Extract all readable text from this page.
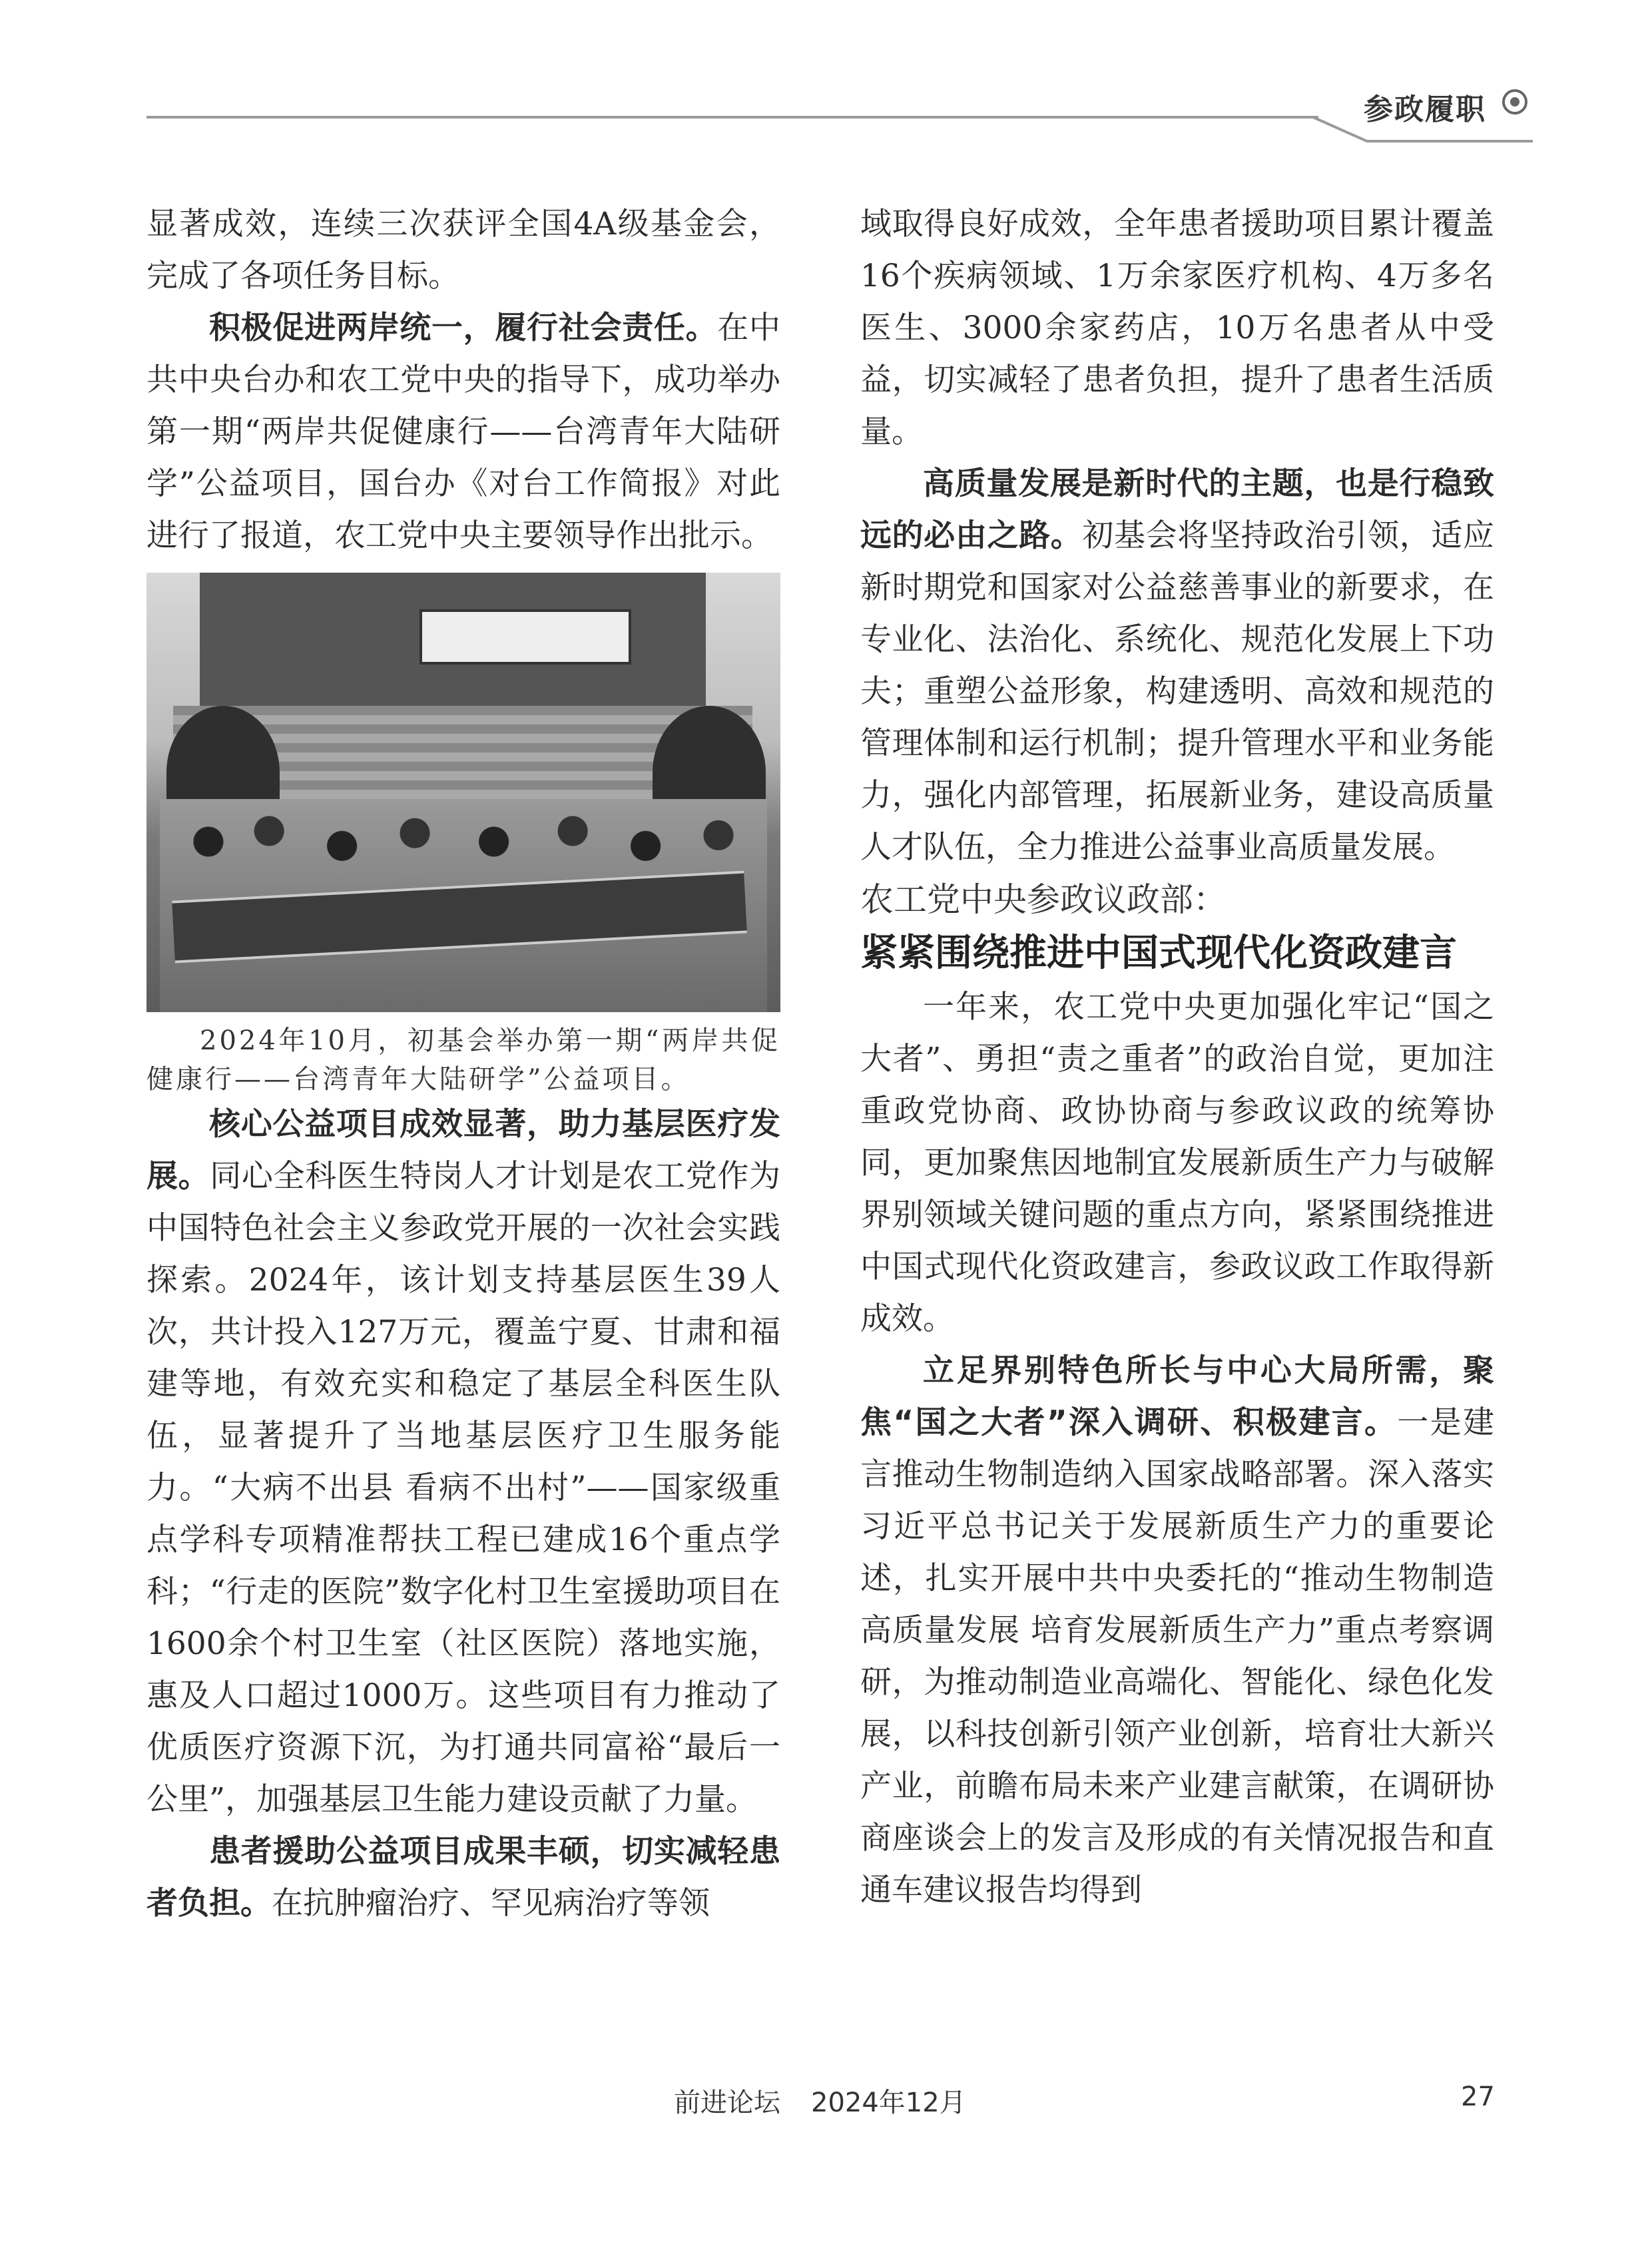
参政履职

显著成效，连续三次获评全国4A级基金会，完成了各项任务目标。

积极促进两岸统一，履行社会责任。在中共中央台办和农工党中央的指导下，成功举办第一期“两岸共促健康行——台湾青年大陆研学”公益项目，国台办《对台工作简报》对此进行了报道，农工党中央主要领导作出批示。

2024年10月，初基会举办第一期“两岸共促健康行——台湾青年大陆研学”公益项目。

核心公益项目成效显著，助力基层医疗发展。同心全科医生特岗人才计划是农工党作为中国特色社会主义参政党开展的一次社会实践探索。2024年，该计划支持基层医生39人次，共计投入127万元，覆盖宁夏、甘肃和福建等地，有效充实和稳定了基层全科医生队伍，显著提升了当地基层医疗卫生服务能力。“大病不出县 看病不出村”——国家级重点学科专项精准帮扶工程已建成16个重点学科；“行走的医院”数字化村卫生室援助项目在1600余个村卫生室（社区医院）落地实施，惠及人口超过1000万。这些项目有力推动了优质医疗资源下沉，为打通共同富裕“最后一公里”，加强基层卫生能力建设贡献了力量。

患者援助公益项目成果丰硕，切实减轻患者负担。在抗肿瘤治疗、罕见病治疗等领

域取得良好成效，全年患者援助项目累计覆盖16个疾病领域、1万余家医疗机构、4万多名医生、3000余家药店，10万名患者从中受益，切实减轻了患者负担，提升了患者生活质量。

高质量发展是新时代的主题，也是行稳致远的必由之路。初基会将坚持政治引领，适应新时期党和国家对公益慈善事业的新要求，在专业化、法治化、系统化、规范化发展上下功夫；重塑公益形象，构建透明、高效和规范的管理体制和运行机制；提升管理水平和业务能力，强化内部管理，拓展新业务，建设高质量人才队伍，全力推进公益事业高质量发展。

农工党中央参政议政部：

紧紧围绕推进中国式现代化资政建言

一年来，农工党中央更加强化牢记“国之大者”、勇担“责之重者”的政治自觉，更加注重政党协商、政协协商与参政议政的统筹协同，更加聚焦因地制宜发展新质生产力与破解界别领域关键问题的重点方向，紧紧围绕推进中国式现代化资政建言，参政议政工作取得新成效。

立足界别特色所长与中心大局所需，聚焦“国之大者”深入调研、积极建言。一是建言推动生物制造纳入国家战略部署。深入落实习近平总书记关于发展新质生产力的重要论述，扎实开展中共中央委托的“推动生物制造高质量发展 培育发展新质生产力”重点考察调研，为推动制造业高端化、智能化、绿色化发展，以科技创新引领产业创新，培育壮大新兴产业，前瞻布局未来产业建言献策，在调研协商座谈会上的发言及形成的有关情况报告和直通车建议报告均得到

前进论坛 2024年12月	27
